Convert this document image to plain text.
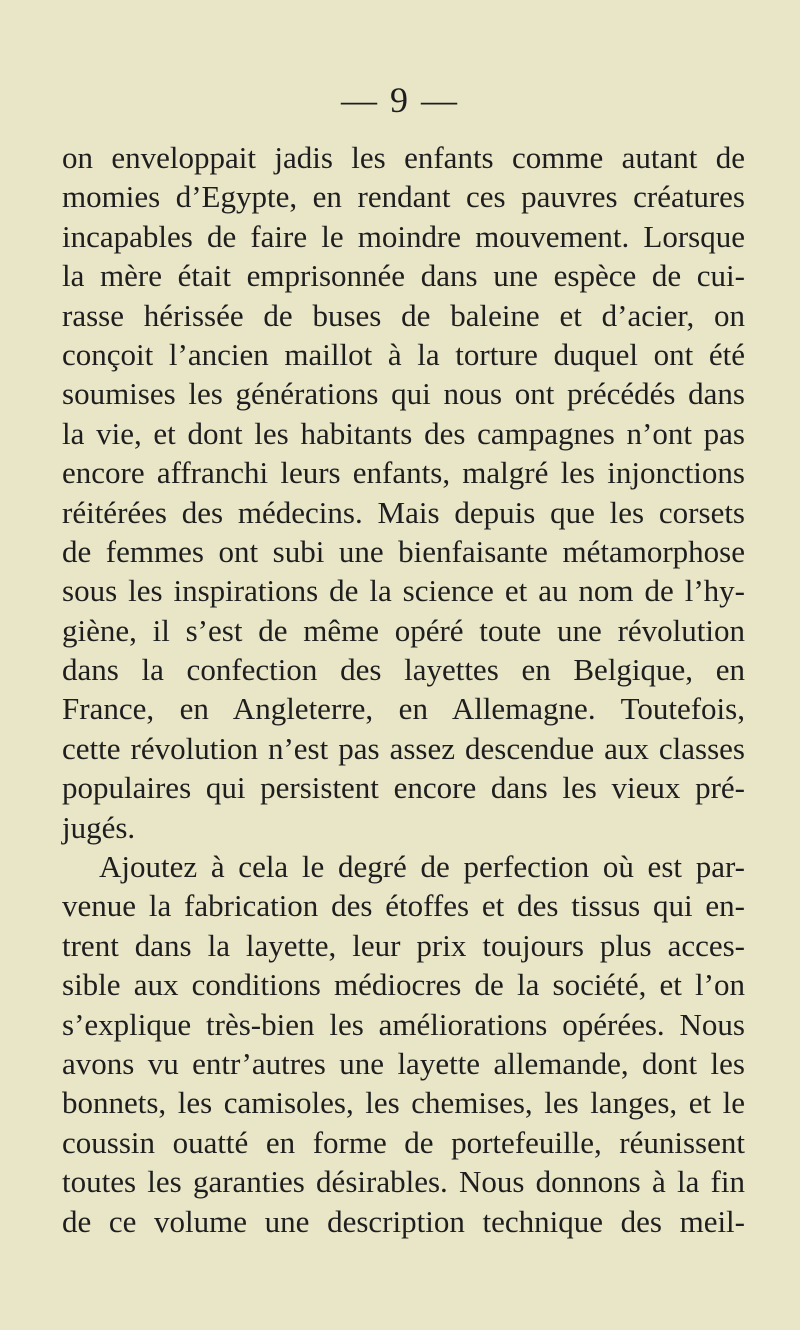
— 9 —
on enveloppait jadis les enfants comme autant de
momies d’Egypte, en rendant ces pauvres créatures
incapables de faire le moindre mouvement. Lorsque
la mère était emprisonnée dans une espèce de cui-
rasse hérissée de buses de baleine et d’acier, on
conçoit l’ancien maillot à la torture duquel ont été
soumises les générations qui nous ont précédés dans
la vie, et dont les habitants des campagnes n’ont pas
encore affranchi leurs enfants, malgré les injonctions
réitérées des médecins. Mais depuis que les corsets
de femmes ont subi une bienfaisante métamorphose
sous les inspirations de la science et au nom de l’hy-
giène, il s’est de même opéré toute une révolution
dans la confection des layettes en Belgique, en
France, en Angleterre, en Allemagne. Toutefois,
cette révolution n’est pas assez descendue aux classes
populaires qui persistent encore dans les vieux pré-
jugés.
Ajoutez à cela le degré de perfection où est par-
venue la fabrication des étoffes et des tissus qui en-
trent dans la layette, leur prix toujours plus acces-
sible aux conditions médiocres de la société, et l’on
s’explique très-bien les améliorations opérées. Nous
avons vu entr’autres une layette allemande, dont les
bonnets, les camisoles, les chemises, les langes, et le
coussin ouatté en forme de portefeuille, réunissent
toutes les garanties désirables. Nous donnons à la fin
de ce volume une description technique des meil-
